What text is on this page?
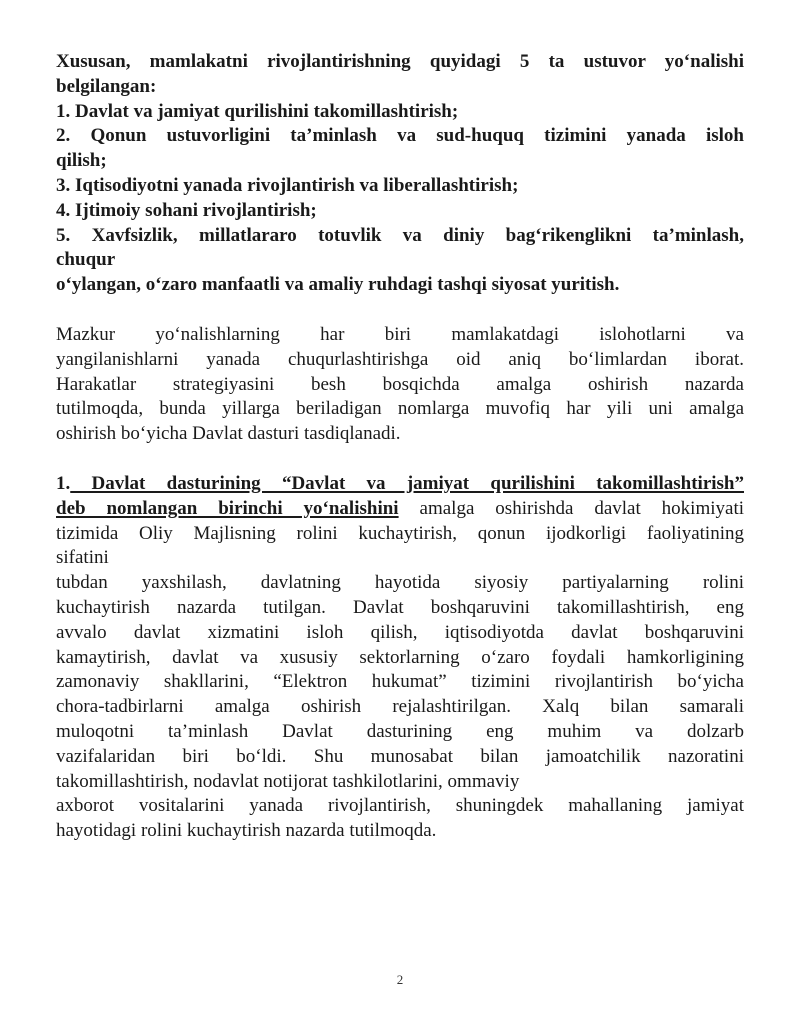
Xususan, mamlakatni rivojlantirishning quyidagi 5 ta ustuvor yo‘nalishi
belgilangan:
1. Davlat va jamiyat qurilishini takomillashtirish;
2. Qonun ustuvorligini ta’minlash va sud-huquq tizimini yanada isloh
qilish;
3. Iqtisodiyotni yanada rivojlantirish va liberallashtirish;
4. Ijtimoiy sohani rivojlantirish;
5. Xavfsizlik, millatlararo totuvlik va diniy bag‘rikenglikni ta’minlash,
chuqur
o‘ylangan, o‘zaro manfaatli va amaliy ruhdagi tashqi siyosat yuritish.
Mazkur yo‘nalishlarning har biri mamlakatdagi islohotlarni va
yangilanishlarni yanada chuqurlashtirishga oid aniq bo‘limlardan iborat.
Harakatlar strategiyasini besh bosqichda amalga oshirish nazarda
tutilmoqda, bunda yillarga beriladigan nomlarga muvofiq har yili uni amalga
oshirish bo‘yicha Davlat dasturi tasdiqlanadi.
1. Davlat dasturining “Davlat va jamiyat qurilishini takomillashtirish”
deb nomlangan birinchi yo‘nalishini amalga oshirishda davlat hokimiyati
tizimida Oliy Majlisning rolini kuchaytirish, qonun ijodkorligi faoliyatining
sifatini
tubdan yaxshilash, davlatning hayotida siyosiy partiyalarning rolini
kuchaytirish nazarda tutilgan. Davlat boshqaruvini takomillashtirish, eng
avvalo davlat xizmatini isloh qilish, iqtisodiyotda davlat boshqaruvini
kamaytirish, davlat va xususiy sektorlarning o‘zaro foydali hamkorligining
zamonaviy shakllarini, “Elektron hukumat” tizimini rivojlantirish bo‘yicha
chora-tadbirlarni amalga oshirish rejalashtirilgan. Xalq bilan samarali
muloqotni ta’minlash Davlat dasturining eng muhim va dolzarb
vazifalaridan biri bo‘ldi. Shu munosabat bilan jamoatchilik nazoratini
takomillashtirish, nodavlat notijorat tashkilotlarini, ommaviy
axborot vositalarini yanada rivojlantirish, shuningdek mahallaning jamiyat
hayotidagi rolini kuchaytirish nazarda tutilmoqda.
2
